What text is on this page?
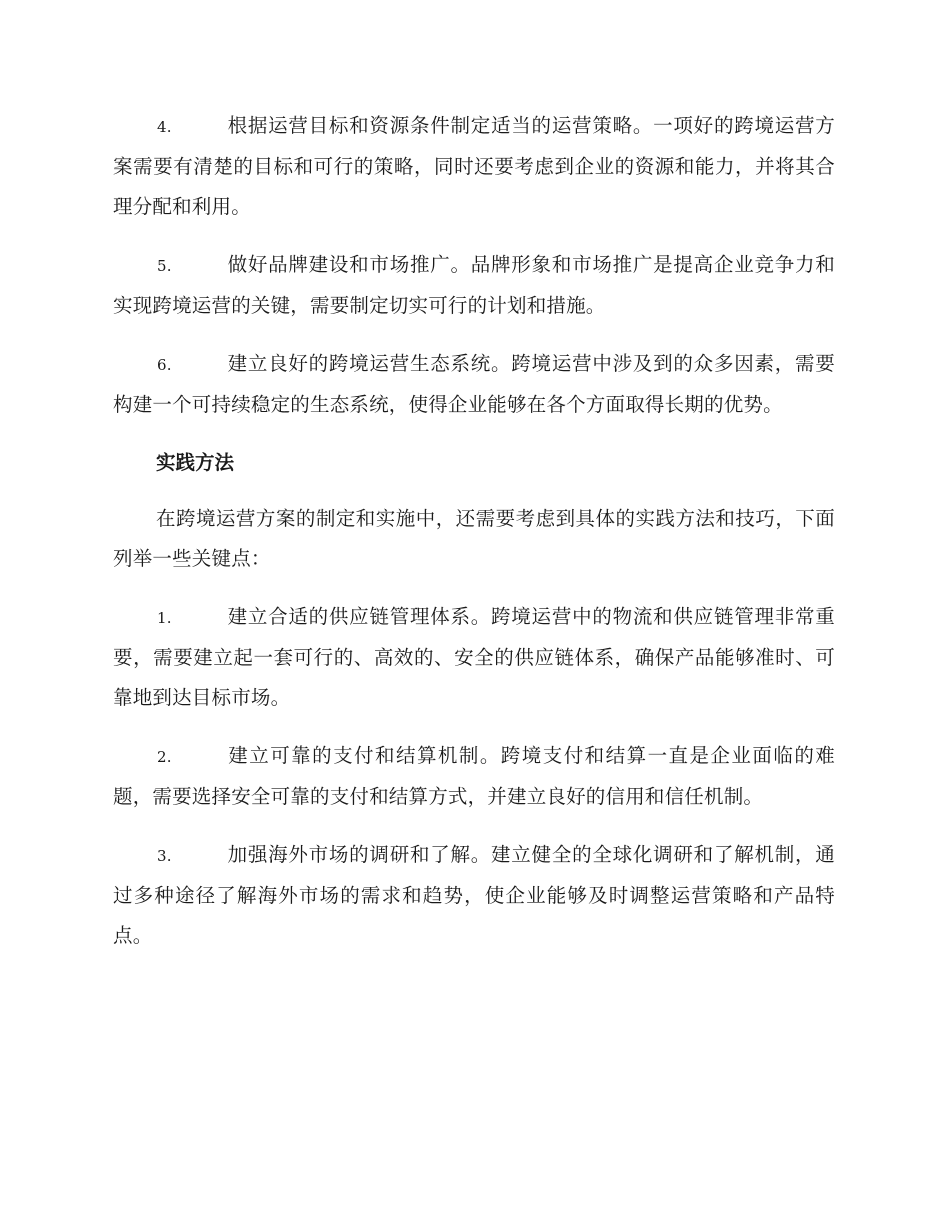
4.	根据运营目标和资源条件制定适当的运营策略。一项好的跨境运营方案需要有清楚的目标和可行的策略，同时还要考虑到企业的资源和能力，并将其合理分配和利用。

5.	做好品牌建设和市场推广。品牌形象和市场推广是提高企业竞争力和实现跨境运营的关键，需要制定切实可行的计划和措施。

6.	建立良好的跨境运营生态系统。跨境运营中涉及到的众多因素，需要构建一个可持续稳定的生态系统，使得企业能够在各个方面取得长期的优势。

实践方法

在跨境运营方案的制定和实施中，还需要考虑到具体的实践方法和技巧，下面列举一些关键点：

1.	建立合适的供应链管理体系。跨境运营中的物流和供应链管理非常重要，需要建立起一套可行的、高效的、安全的供应链体系，确保产品能够准时、可靠地到达目标市场。

2.	建立可靠的支付和结算机制。跨境支付和结算一直是企业面临的难题，需要选择安全可靠的支付和结算方式，并建立良好的信用和信任机制。

3.	加强海外市场的调研和了解。建立健全的全球化调研和了解机制，通过多种途径了解海外市场的需求和趋势，使企业能够及时调整运营策略和产品特点。
